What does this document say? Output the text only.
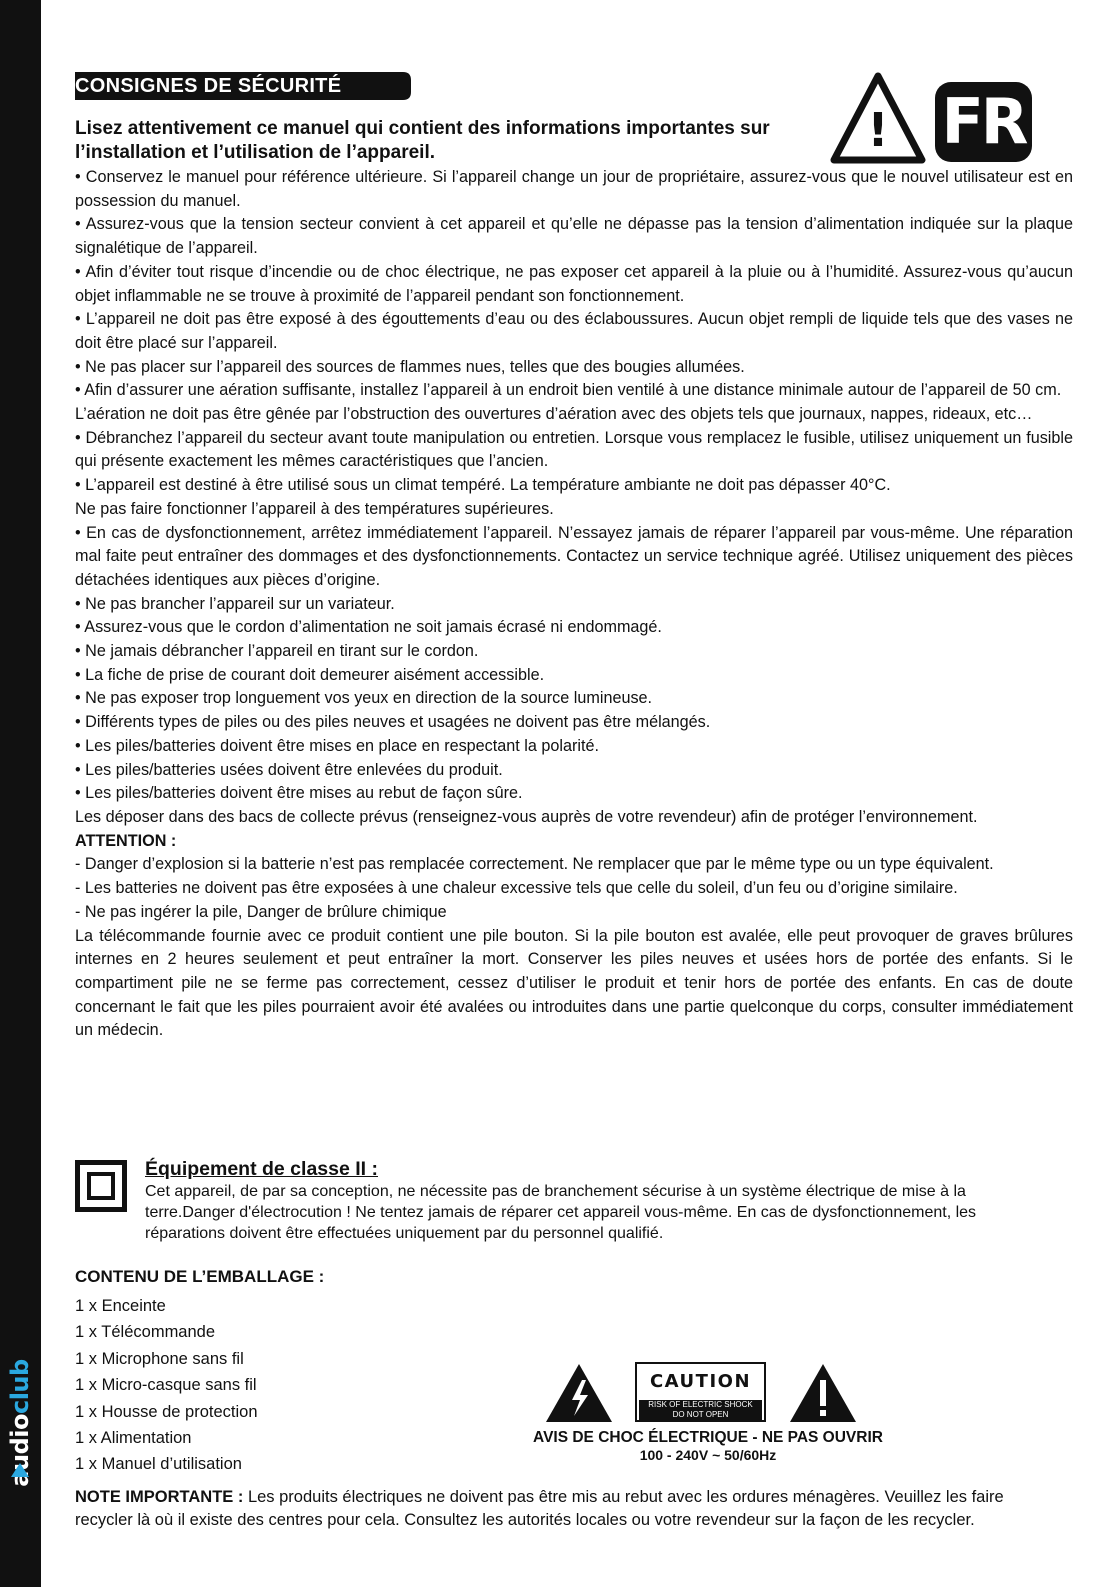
audioclub
CONSIGNES DE SÉCURITÉ
! FR
Lisez attentivement ce manuel qui contient des informations importantes sur l’installation et l’utilisation de l’appareil.

• Conservez le manuel pour référence ultérieure. Si l’appareil change un jour de propriétaire, assurez-vous que le nouvel utilisateur est en possession du manuel.

• Assurez-vous que la tension secteur convient à cet appareil et qu’elle ne dépasse pas la tension d’alimentation indiquée sur la plaque signalétique de l’appareil.

• Afin d’éviter tout risque d’incendie ou de choc électrique, ne pas exposer cet appareil à la pluie ou à l’humidité. Assurez-vous qu’aucun objet inflammable ne se trouve à proximité de l’appareil pendant son fonctionnement.

• L’appareil ne doit pas être exposé à des égouttements d’eau ou des éclaboussures. Aucun objet rempli de liquide tels que des vases ne doit être placé sur l’appareil.

• Ne pas placer sur l’appareil des sources de flammes nues, telles que des bougies allumées.

• Afin d’assurer une aération suffisante, installez l’appareil à un endroit bien ventilé à une distance minimale autour de l’appareil de 50 cm.

L’aération ne doit pas être gênée par l’obstruction des ouvertures d’aération avec des objets tels que journaux, nappes, rideaux, etc…

• Débranchez l’appareil du secteur avant toute manipulation ou entretien. Lorsque vous remplacez le fusible, utilisez uniquement un fusible qui présente exactement les mêmes caractéristiques que l’ancien.

• L’appareil est destiné à être utilisé sous un climat tempéré. La température ambiante ne doit pas dépasser 40°C.

Ne pas faire fonctionner l’appareil à des températures supérieures.

• En cas de dysfonctionnement, arrêtez immédiatement l’appareil. N’essayez jamais de réparer l’appareil par vous-même. Une réparation mal faite peut entraîner des dommages et des dysfonctionnements. Contactez un service technique agréé. Utilisez uniquement des pièces détachées identiques aux pièces d’origine.

• Ne pas brancher l’appareil sur un variateur.

• Assurez-vous que le cordon d’alimentation ne soit jamais écrasé ni endommagé.

• Ne jamais débrancher l’appareil en tirant sur le cordon.

• La fiche de prise de courant doit demeurer aisément accessible.

• Ne pas exposer trop longuement vos yeux en direction de la source lumineuse.

• Différents types de piles ou des piles neuves et usagées ne doivent pas être mélangés.

• Les piles/batteries doivent être mises en place en respectant la polarité.

• Les piles/batteries usées doivent être enlevées du produit.

• Les piles/batteries doivent être mises au rebut de façon sûre.

Les déposer dans des bacs de collecte prévus (renseignez-vous auprès de votre revendeur) afin de protéger l’environnement.

ATTENTION :

- Danger d’explosion si la batterie n’est pas remplacée correctement. Ne remplacer que par le même type ou un type équivalent.

- Les batteries ne doivent pas être exposées à une chaleur excessive tels que celle du soleil, d’un feu ou d’origine similaire.

- Ne pas ingérer la pile, Danger de brûlure chimique

La télécommande fournie avec ce produit contient une pile bouton. Si la pile bouton est avalée, elle peut provoquer de graves brûlures internes en 2 heures seulement et peut entraîner la mort. Conserver les piles neuves et usées hors de portée des enfants. Si le compartiment pile ne se ferme pas correctement, cessez d’utiliser le produit et tenir hors de portée des enfants. En cas de doute concernant le fait que les piles pourraient avoir été avalées ou introduites dans une partie quelconque du corps, consulter immédiatement un médecin.

Équipement de classe II :
Cet appareil, de par sa conception, ne nécessite pas de branchement sécurise à un système électrique de mise à la terre.Danger d'électrocution ! Ne tentez jamais de réparer cet appareil vous-même. En cas de dysfonctionnement, les réparations doivent être effectuées uniquement par du personnel qualifié.
CONTENU DE L’EMBALLAGE :
1 x Enceinte
1 x Télécommande
1 x Microphone sans fil
1 x Micro-casque sans fil
1 x Housse de protection
1 x Alimentation
1 x Manuel d’utilisation
CAUTION
RISK OF ELECTRIC SHOCK
DO NOT OPEN
AVIS DE CHOC ÉLECTRIQUE - NE PAS OUVRIR
100 - 240V ~ 50/60Hz
NOTE IMPORTANTE : Les produits électriques ne doivent pas être mis au rebut avec les ordures ménagères. Veuillez les faire recycler là où il existe des centres pour cela. Consultez les autorités locales ou votre revendeur sur la façon de les recycler.
